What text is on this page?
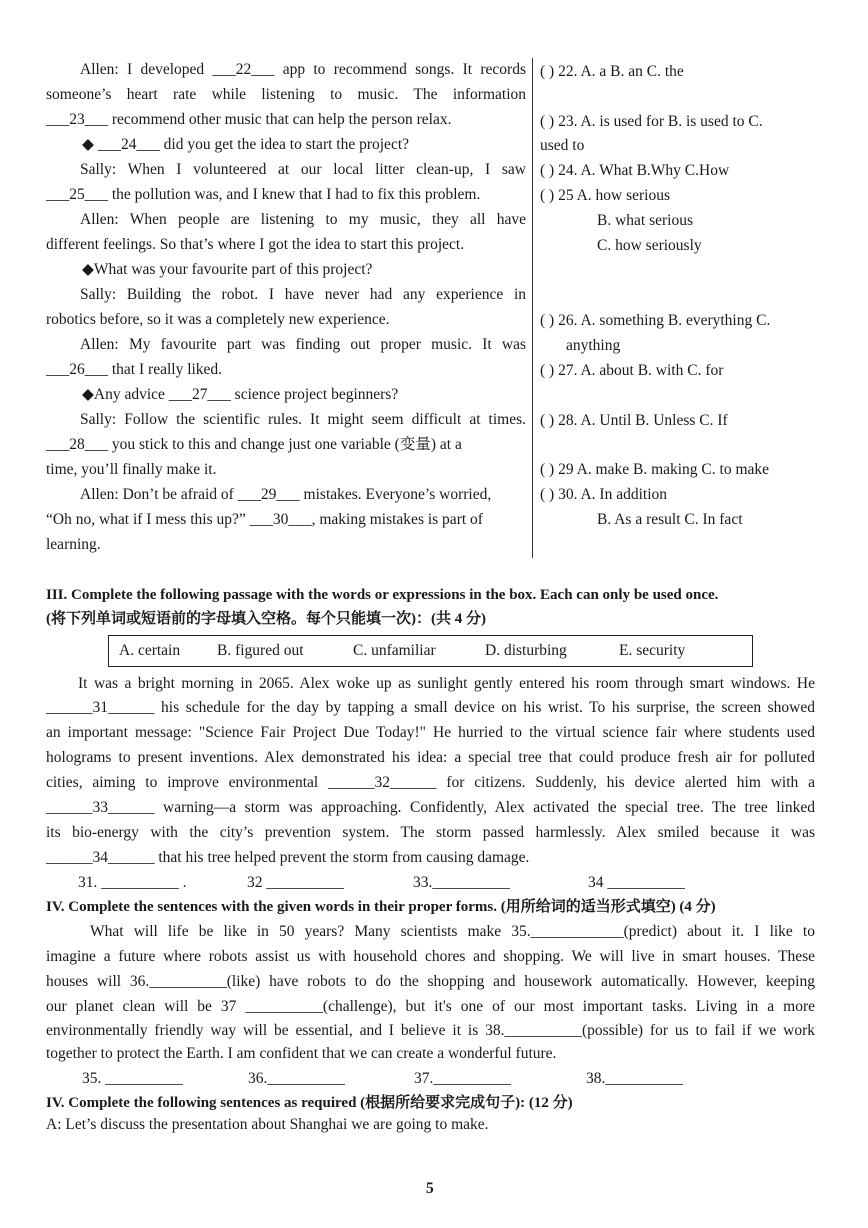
Allen: I developed ___22___ app to recommend songs. It records
someone’s heart rate while listening to music. The information
___23___ recommend other music that can help the person relax.
◆ ___24___ did you get the idea to start the project?
Sally: When I volunteered at our local litter clean-up, I saw
___25___ the pollution was, and I knew that I had to fix this problem.
Allen: When people are listening to my music, they all have
different feelings. So that’s where I got the idea to start this project.
◆What was your favourite part of this project?
Sally: Building the robot. I have never had any experience in
robotics before, so it was a completely new experience.
Allen: My favourite part was finding out proper music. It was
___26___ that I really liked.
◆Any advice ___27___ science project beginners?
Sally: Follow the scientific rules. It might seem difficult at times.
___28___ you stick to this and change just one variable (变量) at a
time, you’ll finally make it.
Allen: Don’t be afraid of ___29___ mistakes. Everyone’s worried,
“Oh no, what if I mess this up?” ___30___, making mistakes is part of
learning.
( ) 22. A. a B. an C. the
( ) 23. A. is used for B. is used to C.
used to
( ) 24. A. What B.Why C.How
( ) 25 A. how serious
B. what serious
C. how seriously
( ) 26. A. something B. everything C.
anything
( ) 27. A. about B. with C. for
( ) 28. A. Until B. Unless C. If
( ) 29 A. make B. making C. to make
( ) 30. A. In addition
B. As a result C. In fact
III. Complete the following passage with the words or expressions in the box. Each can only be used once.
(将下列单词或短语前的字母填入空格。每个只能填一次)：(共 4 分)
A. certain B. figured out	C. unfamiliar	D. disturbing	E. security
It was a bright morning in 2065. Alex woke up as sunlight gently entered his room through smart windows. He
______31______ his schedule for the day by tapping a small device on his wrist. To his surprise, the screen showed
an important message: "Science Fair Project Due Today!" He hurried to the virtual science fair where students used
holograms to present inventions. Alex demonstrated his idea: a special tree that could produce fresh air for polluted
cities, aiming to improve environmental ______32______ for citizens. Suddenly, his device alerted him with a
______33______ warning—a storm was approaching. Confidently, Alex activated the special tree. The tree linked
its bio-energy with the city’s prevention system. The storm passed harmlessly. Alex smiled because it was
______34______ that his tree helped prevent the storm from causing damage.
31. __________ .	32 __________	33.__________	34 __________
IV. Complete the sentences with the given words in their proper forms. (用所给词的适当形式填空) (4 分)
What will life be like in 50 years? Many scientists make 35.____________(predict) about it. I like to
imagine a future where robots assist us with household chores and shopping. We will live in smart houses. These
houses will 36.__________(like) have robots to do the shopping and housework automatically. However, keeping
our planet clean will be 37 __________(challenge), but it's one of our most important tasks. Living in a more
environmentally friendly way will be essential, and I believe it is 38.__________(possible) for us to fail if we work
together to protect the Earth. I am confident that we can create a wonderful future.
35. __________	36.__________	37.__________	38.__________
IV. Complete the following sentences as required (根据所给要求完成句子): (12 分)
A: Let’s discuss the presentation about Shanghai we are going to make.
5
